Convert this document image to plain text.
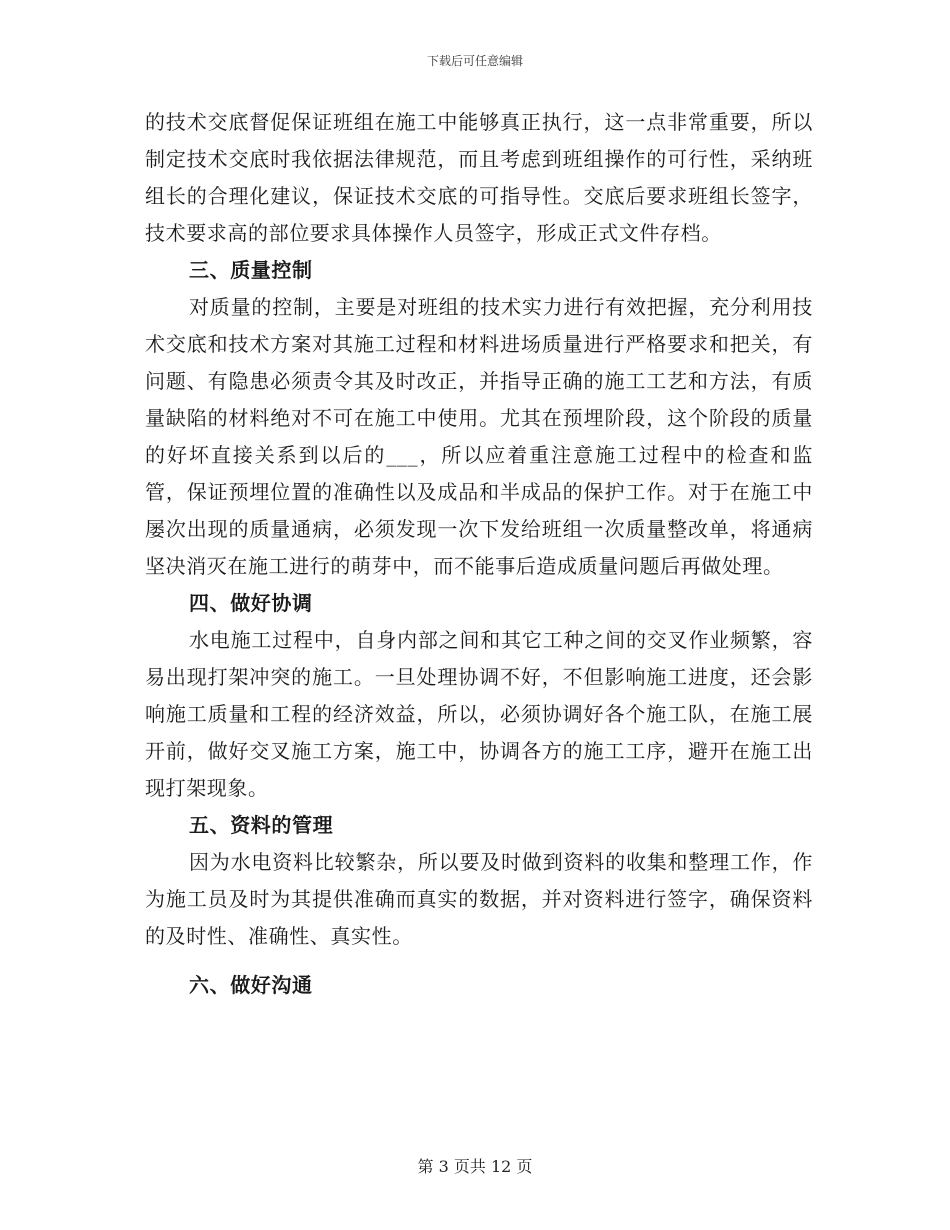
下载后可任意编辑

的技术交底督促保证班组在施工中能够真正执行，这一点非常重要，所以制定技术交底时我依据法律规范，而且考虑到班组操作的可行性，采纳班组长的合理化建议，保证技术交底的可指导性。交底后要求班组长签字，技术要求高的部位要求具体操作人员签字，形成正式文件存档。

三、质量控制

对质量的控制，主要是对班组的技术实力进行有效把握，充分利用技术交底和技术方案对其施工过程和材料进场质量进行严格要求和把关，有问题、有隐患必须责令其及时改正，并指导正确的施工工艺和方法，有质量缺陷的材料绝对不可在施工中使用。尤其在预埋阶段，这个阶段的质量的好坏直接关系到以后的___，所以应着重注意施工过程中的检查和监管，保证预埋位置的准确性以及成品和半成品的保护工作。对于在施工中屡次出现的质量通病，必须发现一次下发给班组一次质量整改单，将通病坚决消灭在施工进行的萌芽中，而不能事后造成质量问题后再做处理。

四、做好协调

水电施工过程中，自身内部之间和其它工种之间的交叉作业频繁，容易出现打架冲突的施工。一旦处理协调不好，不但影响施工进度，还会影响施工质量和工程的经济效益，所以，必须协调好各个施工队，在施工展开前，做好交叉施工方案，施工中，协调各方的施工工序，避开在施工出现打架现象。

五、资料的管理

因为水电资料比较繁杂，所以要及时做到资料的收集和整理工作，作为施工员及时为其提供准确而真实的数据，并对资料进行签字，确保资料的及时性、准确性、真实性。

六、做好沟通
第 3 页共 12 页
